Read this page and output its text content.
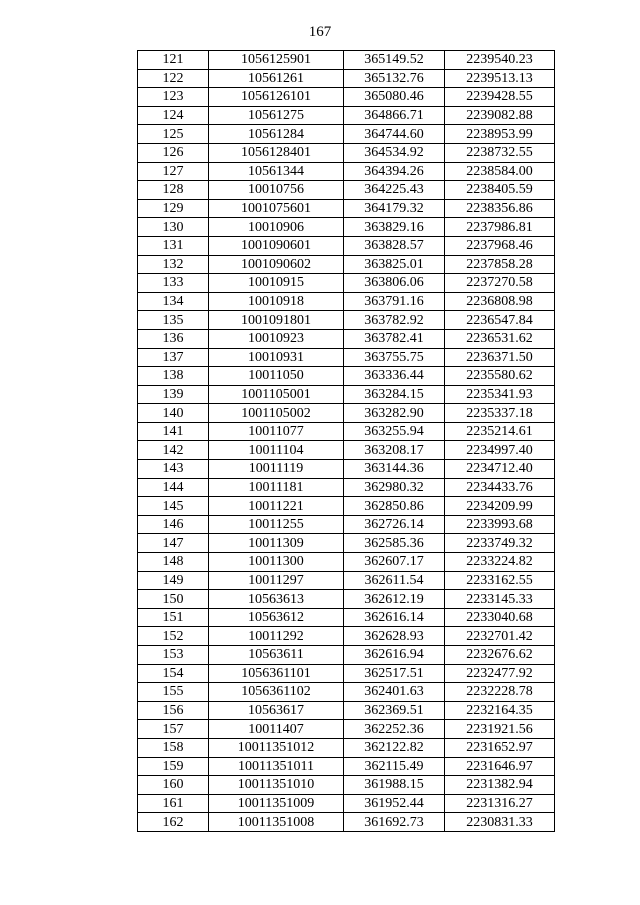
167
121	1056125901	365149.52	2239540.23
122	10561261	365132.76	2239513.13
123	1056126101	365080.46	2239428.55
124	10561275	364866.71	2239082.88
125	10561284	364744.60	2238953.99
126	1056128401	364534.92	2238732.55
127	10561344	364394.26	2238584.00
128	10010756	364225.43	2238405.59
129	1001075601	364179.32	2238356.86
130	10010906	363829.16	2237986.81
131	1001090601	363828.57	2237968.46
132	1001090602	363825.01	2237858.28
133	10010915	363806.06	2237270.58
134	10010918	363791.16	2236808.98
135	1001091801	363782.92	2236547.84
136	10010923	363782.41	2236531.62
137	10010931	363755.75	2236371.50
138	10011050	363336.44	2235580.62
139	1001105001	363284.15	2235341.93
140	1001105002	363282.90	2235337.18
141	10011077	363255.94	2235214.61
142	10011104	363208.17	2234997.40
143	10011119	363144.36	2234712.40
144	10011181	362980.32	2234433.76
145	10011221	362850.86	2234209.99
146	10011255	362726.14	2233993.68
147	10011309	362585.36	2233749.32
148	10011300	362607.17	2233224.82
149	10011297	362611.54	2233162.55
150	10563613	362612.19	2233145.33
151	10563612	362616.14	2233040.68
152	10011292	362628.93	2232701.42
153	10563611	362616.94	2232676.62
154	1056361101	362517.51	2232477.92
155	1056361102	362401.63	2232228.78
156	10563617	362369.51	2232164.35
157	10011407	362252.36	2231921.56
158	10011351012	362122.82	2231652.97
159	10011351011	362115.49	2231646.97
160	10011351010	361988.15	2231382.94
161	10011351009	361952.44	2231316.27
162	10011351008	361692.73	2230831.33
